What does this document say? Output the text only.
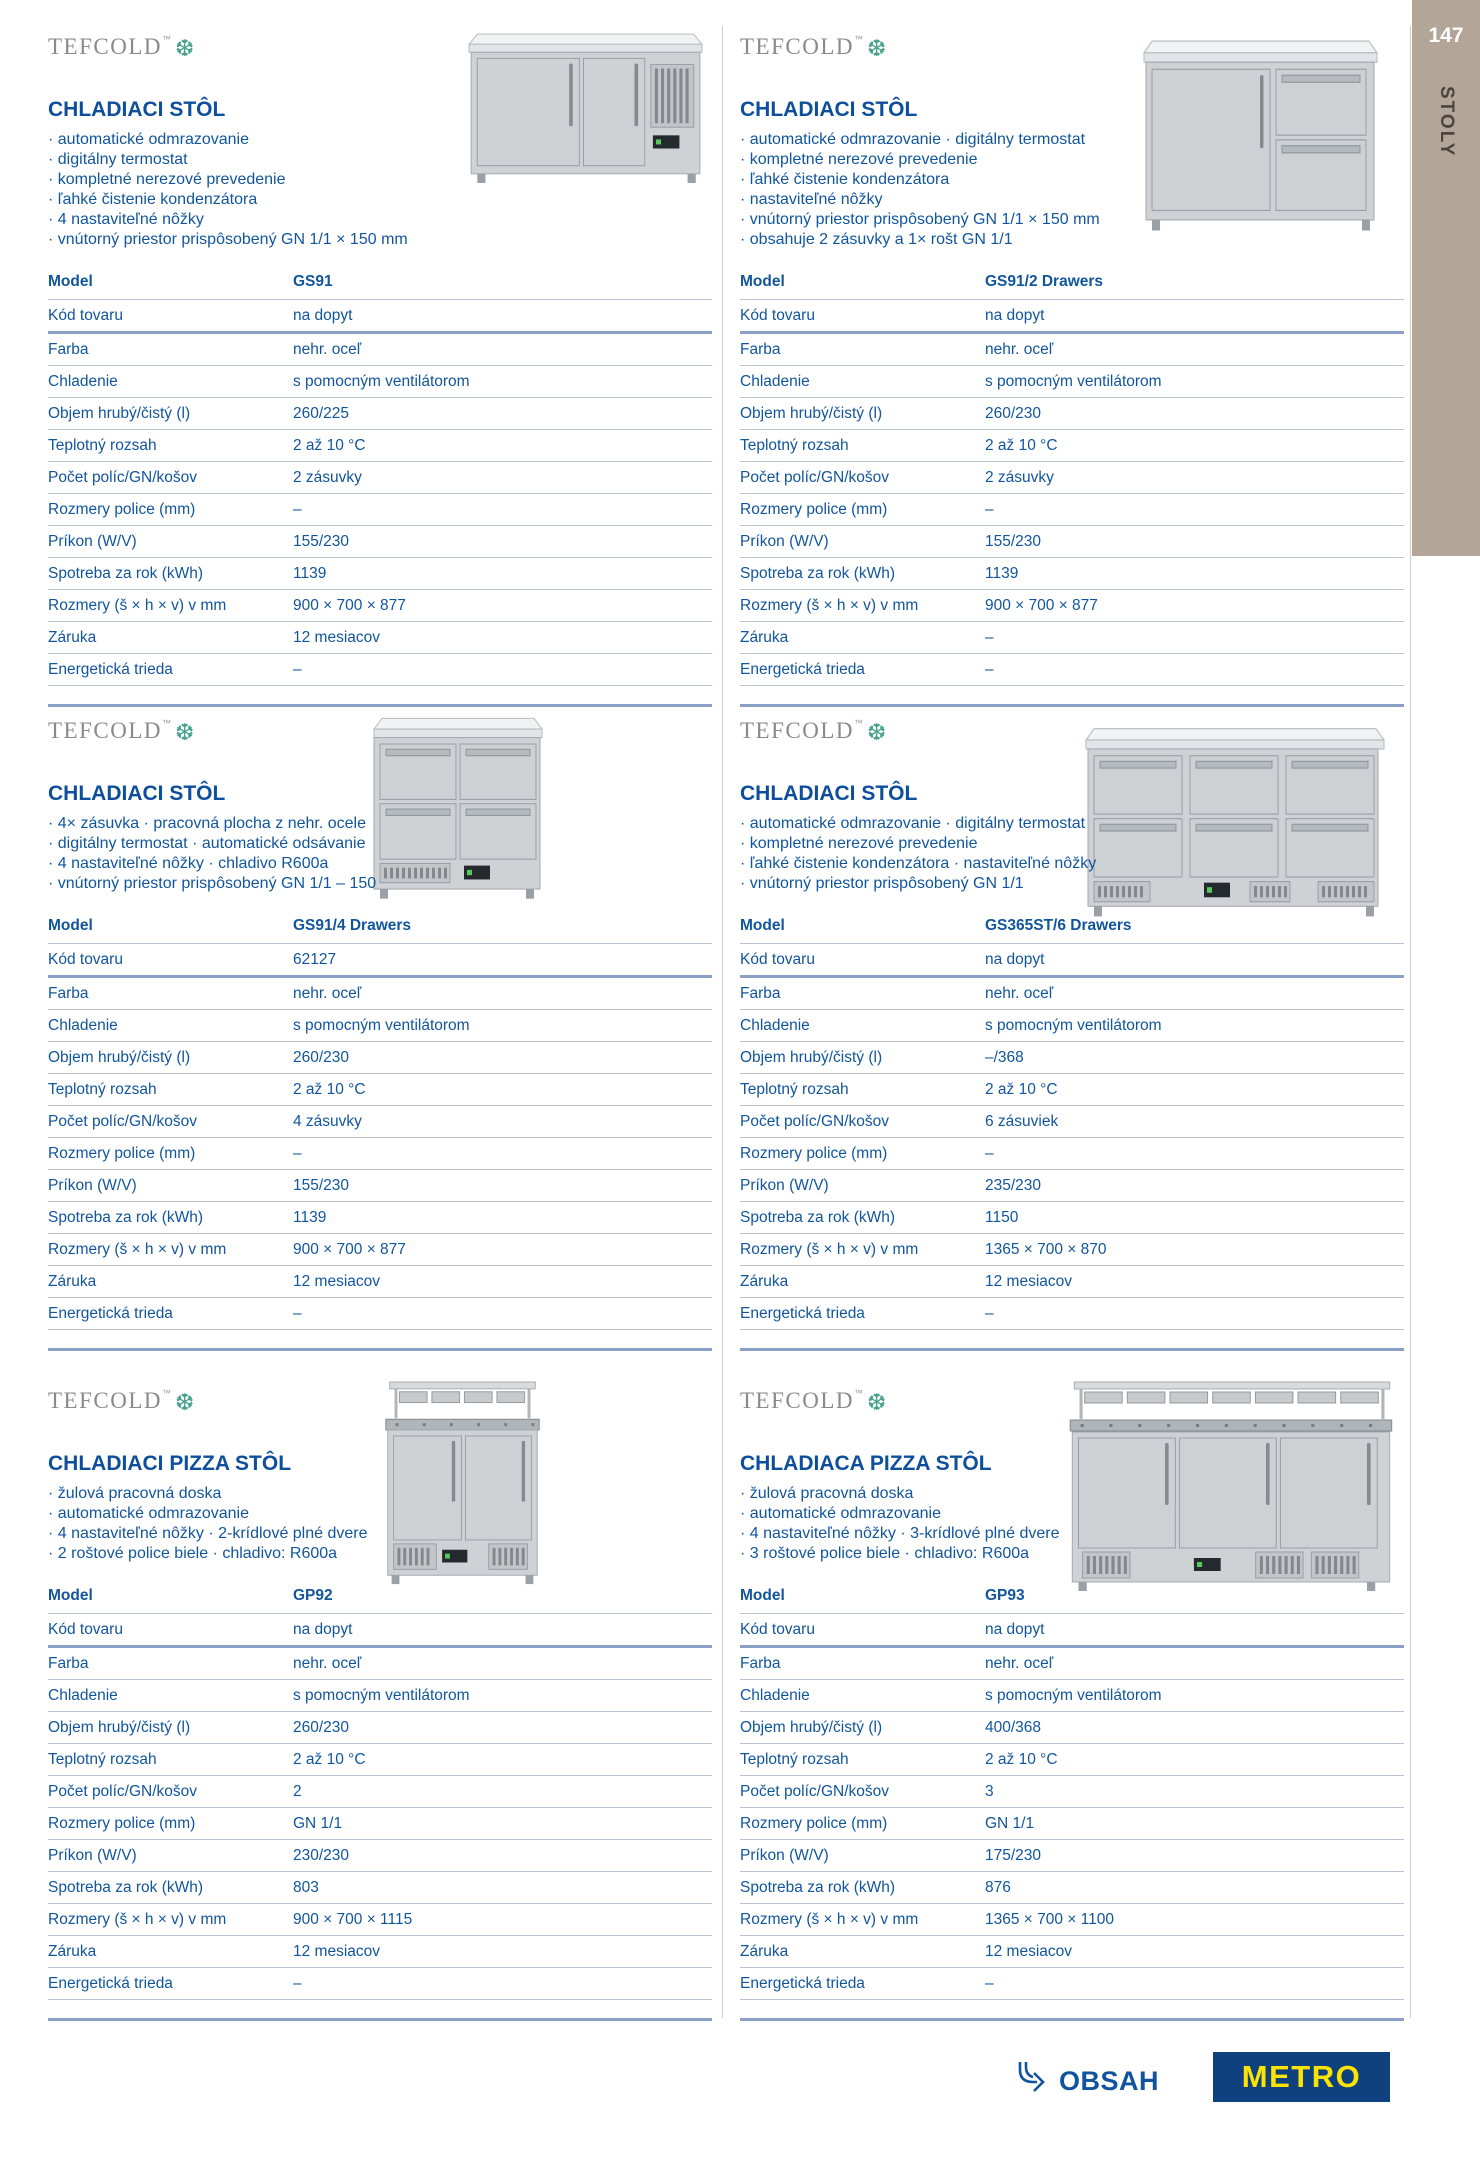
147
STOLY
TEFCOLD™ ❆
CHLADIACI STÔL
· automatické odmrazovanie
· digitálny termostat
· kompletné nerezové prevedenie
· ľahké čistenie kondenzátora
· 4 nastaviteľné nôžky
· vnútorný priestor prispôsobený GN 1/1 × 150 mm
Model	GS91
Kód tovaru	na dopyt
Farba	nehr. oceľ
Chladenie	s pomocným ventilátorom
Objem hrubý/čistý (l)	260/225
Teplotný rozsah	2 až 10 °C
Počet políc/GN/košov	2 zásuvky
Rozmery police (mm)	–
Príkon (W/V)	155/230
Spotreba za rok (kWh)	1139
Rozmery (š × h × v) v mm	900 × 700 × 877
Záruka	12 mesiacov
Energetická trieda	–
TEFCOLD™ ❆
CHLADIACI STÔL
· automatické odmrazovanie · digitálny termostat
· kompletné nerezové prevedenie
· ľahké čistenie kondenzátora
· nastaviteľné nôžky
· vnútorný priestor prispôsobený GN 1/1 × 150 mm
· obsahuje 2 zásuvky a 1× rošt GN 1/1
Model	GS91/2 Drawers
Kód tovaru	na dopyt
Farba	nehr. oceľ
Chladenie	s pomocným ventilátorom
Objem hrubý/čistý (l)	260/230
Teplotný rozsah	2 až 10 °C
Počet políc/GN/košov	2 zásuvky
Rozmery police (mm)	–
Príkon (W/V)	155/230
Spotreba za rok (kWh)	1139
Rozmery (š × h × v) v mm	900 × 700 × 877
Záruka	–
Energetická trieda	–
TEFCOLD™ ❆
CHLADIACI STÔL
· 4× zásuvka · pracovná plocha z nehr. ocele
· digitálny termostat · automatické odsávanie
· 4 nastaviteľné nôžky · chladivo R600a
· vnútorný priestor prispôsobený GN 1/1 – 150
Model	GS91/4 Drawers
Kód tovaru	62127
Farba	nehr. oceľ
Chladenie	s pomocným ventilátorom
Objem hrubý/čistý (l)	260/230
Teplotný rozsah	2 až 10 °C
Počet políc/GN/košov	4 zásuvky
Rozmery police (mm)	–
Príkon (W/V)	155/230
Spotreba za rok (kWh)	1139
Rozmery (š × h × v) v mm	900 × 700 × 877
Záruka	12 mesiacov
Energetická trieda	–
TEFCOLD™ ❆
CHLADIACI STÔL
· automatické odmrazovanie · digitálny termostat
· kompletné nerezové prevedenie
· ľahké čistenie kondenzátora · nastaviteľné nôžky
· vnútorný priestor prispôsobený GN 1/1
Model	GS365ST/6 Drawers
Kód tovaru	na dopyt
Farba	nehr. oceľ
Chladenie	s pomocným ventilátorom
Objem hrubý/čistý (l)	–/368
Teplotný rozsah	2 až 10 °C
Počet políc/GN/košov	6 zásuviek
Rozmery police (mm)	–
Príkon (W/V)	235/230
Spotreba za rok (kWh)	1150
Rozmery (š × h × v) v mm	1365 × 700 × 870
Záruka	12 mesiacov
Energetická trieda	–
TEFCOLD™ ❆
CHLADIACI PIZZA STÔL
· žulová pracovná doska
· automatické odmrazovanie
· 4 nastaviteľné nôžky · 2-krídlové plné dvere
· 2 roštové police biele · chladivo: R600a
Model	GP92
Kód tovaru	na dopyt
Farba	nehr. oceľ
Chladenie	s pomocným ventilátorom
Objem hrubý/čistý (l)	260/230
Teplotný rozsah	2 až 10 °C
Počet políc/GN/košov	2
Rozmery police (mm)	GN 1/1
Príkon (W/V)	230/230
Spotreba za rok (kWh)	803
Rozmery (š × h × v) v mm	900 × 700 × 1115
Záruka	12 mesiacov
Energetická trieda	–
TEFCOLD™ ❆
CHLADIACA PIZZA STÔL
· žulová pracovná doska
· automatické odmrazovanie
· 4 nastaviteľné nôžky · 3-krídlové plné dvere
· 3 roštové police biele · chladivo: R600a
Model	GP93
Kód tovaru	na dopyt
Farba	nehr. oceľ
Chladenie	s pomocným ventilátorom
Objem hrubý/čistý (l)	400/368
Teplotný rozsah	2 až 10 °C
Počet políc/GN/košov	3
Rozmery police (mm)	GN 1/1
Príkon (W/V)	175/230
Spotreba za rok (kWh)	876
Rozmery (š × h × v) v mm	1365 × 700 × 1100
Záruka	12 mesiacov
Energetická trieda	–
OBSAH	METRO
